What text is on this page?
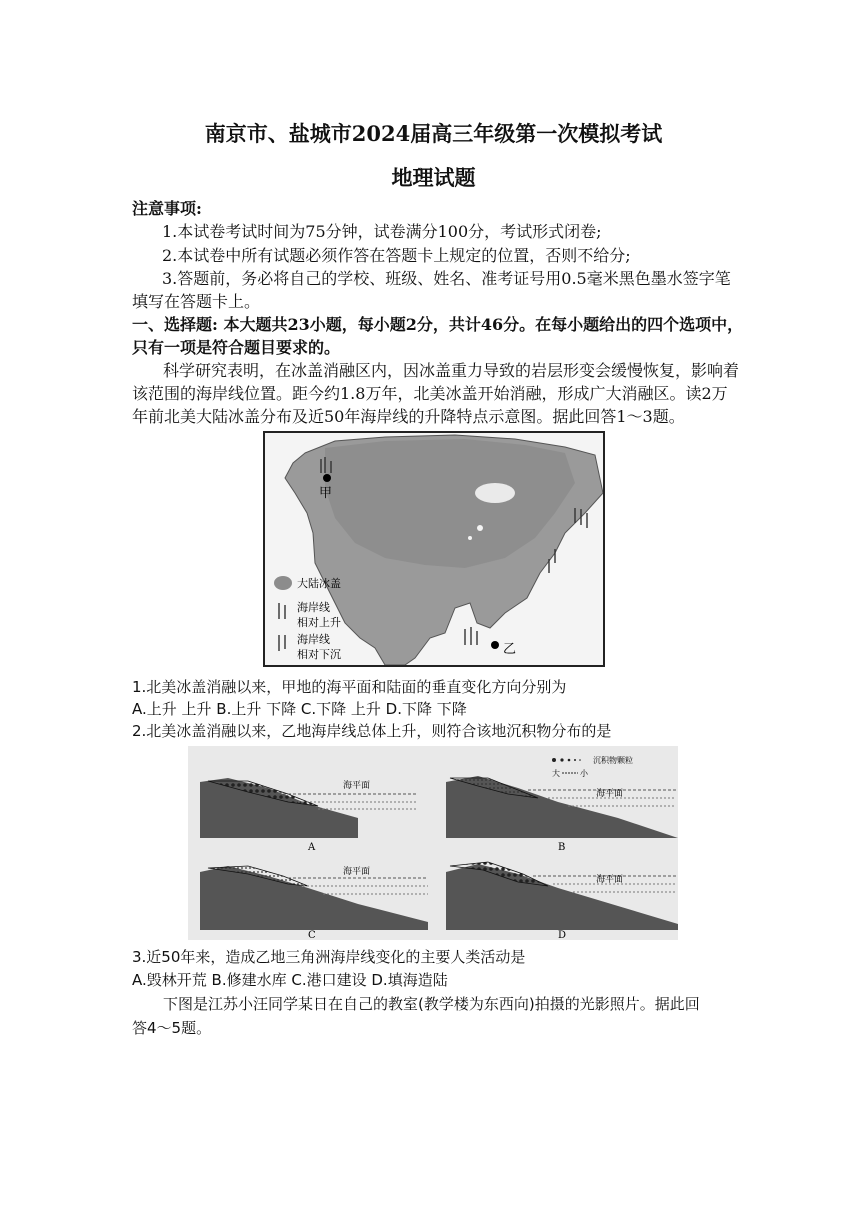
南京市、盐城市2024届高三年级第一次模拟考试
地理试题
注意事项:
1.本试卷考试时间为75分钟，试卷满分100分，考试形式闭卷;
2.本试卷中所有试题必须作答在答题卡上规定的位置，否则不给分;
3.答题前，务必将自己的学校、班级、姓名、准考证号用0.5毫米黑色墨水签字笔
填写在答题卡上。
一、选择题: 本大题共23小题，每小题2分，共计46分。在每小题给出的四个选项中，
只有一项是符合题目要求的。
科学研究表明，在冰盖消融区内，因冰盖重力导致的岩层形变会缓慢恢复，影响着
该范围的海岸线位置。距今约1.8万年，北美冰盖开始消融，形成广大消融区。读2万
年前北美大陆冰盖分布及近50年海岸线的升降特点示意图。据此回答1～3题。
甲
乙
大陆冰盖
海岸线
相对上升
海岸线
相对下沉
1.北美冰盖消融以来，甲地的海平面和陆面的垂直变化方向分别为
A.上升 上升 B.上升 下降 C.下降 上升 D.下降 下降
2.北美冰盖消融以来，乙地海岸线总体上升，则符合该地沉积物分布的是
海平面
A
海平面
B
沉积物颗粒
大	小
海平面
C
海平面
D
3.近50年来，造成乙地三角洲海岸线变化的主要人类活动是
A.毁林开荒 B.修建水库 C.港口建设 D.填海造陆
下图是江苏小汪同学某日在自己的教室(教学楼为东西向)拍摄的光影照片。据此回
答4～5题。
